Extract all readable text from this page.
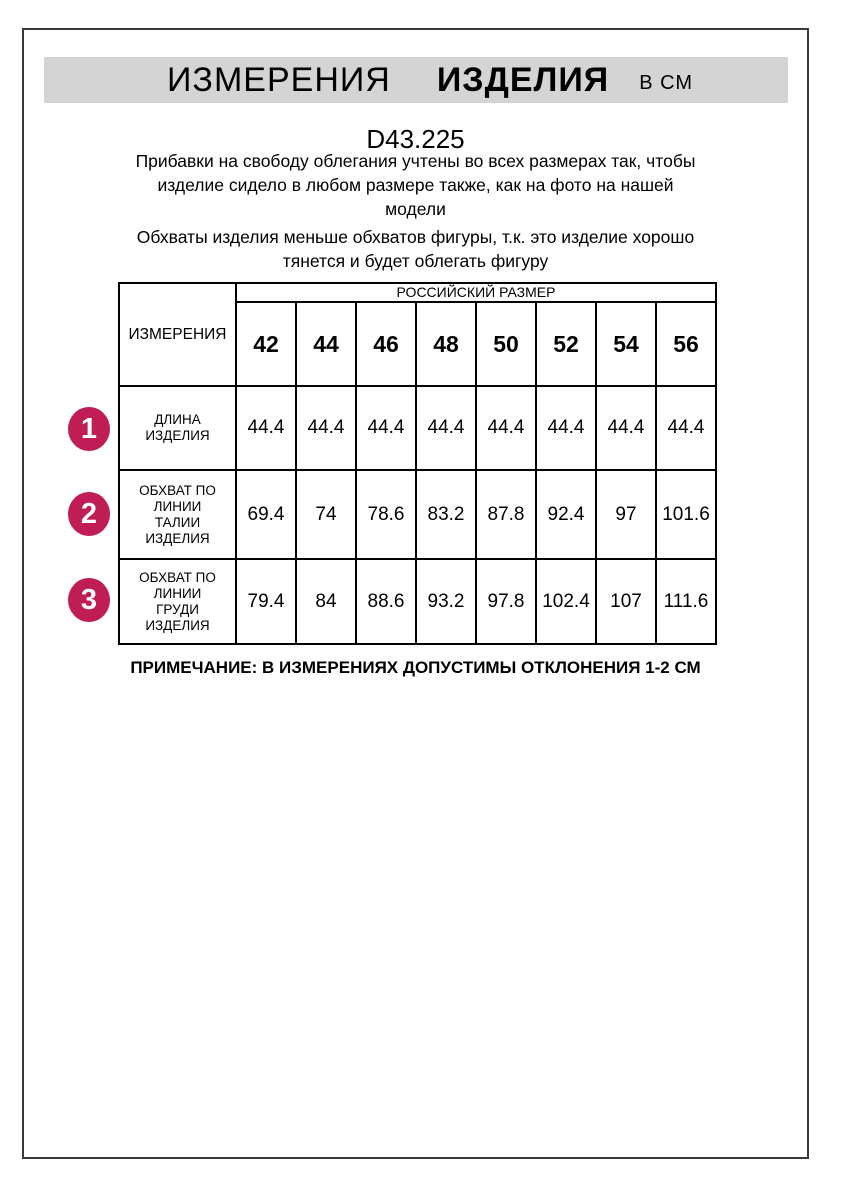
ИЗМЕРЕНИЯ ИЗДЕЛИЯ В СМ
D43.225
Прибавки на свободу облегания учтены во всех размерах так, чтобы
изделие сидело в любом размере также, как на фото на нашей
модели
Обхваты изделия меньше обхватов фигуры, т.к. это изделие хорошо
тянется и будет облегать фигуру
ИЗМЕРЕНИЯ	РОССИЙСКИЙ РАЗМЕР							
	42	44	46	48	50	52	54	56
ДЛИНА ИЗДЕЛИЯ	44.4	44.4	44.4	44.4	44.4	44.4	44.4	44.4
ОБХВАТ ПО ЛИНИИ ТАЛИИ ИЗДЕЛИЯ	69.4	74	78.6	83.2	87.8	92.4	97	101.6
ОБХВАТ ПО ЛИНИИ ГРУДИ ИЗДЕЛИЯ	79.4	84	88.6	93.2	97.8	102.4	107	111.6
1
2
3
ПРИМЕЧАНИЕ: В ИЗМЕРЕНИЯХ ДОПУСТИМЫ ОТКЛОНЕНИЯ 1-2 СМ
